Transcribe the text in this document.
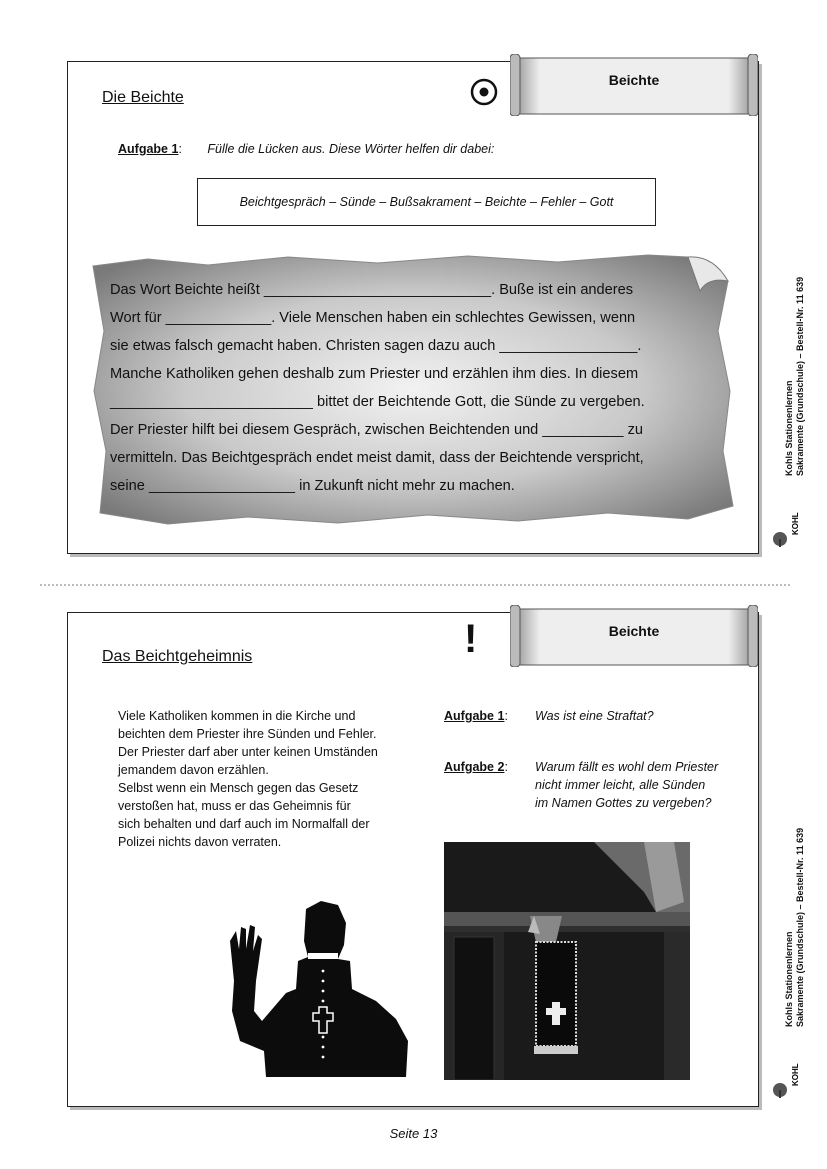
Die Beichte
Aufgabe 1: Fülle die Lücken aus. Diese Wörter helfen dir dabei:
Beichtgespräch – Sünde – Bußsakrament – Beichte – Fehler – Gott

Das Wort Beichte heißt ____________________________. Buße ist ein anderes

Wort für _____________. Viele Menschen haben ein schlechtes Gewissen, wenn

sie etwas falsch gemacht haben. Christen sagen dazu auch _________________.

Manche Katholiken gehen deshalb zum Priester und erzählen ihm dies. In diesem

_________________________ bittet der Beichtende Gott, die Sünde zu vergeben.

Der Priester hilft bei diesem Gespräch, zwischen Beichtenden und __________ zu

vermitteln. Das Beichtgespräch endet meist damit, dass der Beichtende verspricht,

seine __________________ in Zukunft nicht mehr zu machen.

Beichte
Kohls Stationenlernen Sakramente (Grundschule) – Bestell-Nr. 11 639
KOHL
Das Beichtgeheimnis	!

Viele Katholiken kommen in die Kirche und

beichten dem Priester ihre Sünden und Fehler.

Der Priester darf aber unter keinen Umständen

jemandem davon erzählen.

Selbst wenn ein Mensch gegen das Gesetz

verstoßen hat, muss er das Geheimnis für

sich behalten und darf auch im Normalfall der

Polizei nichts davon verraten.

Aufgabe 1: Was ist eine Straftat?

Aufgabe 2: Warum fällt es wohl dem Priester

nicht immer leicht, alle Sünden

im Namen Gottes zu vergeben?

Beichte
Kohls Stationenlernen Sakramente (Grundschule) – Bestell-Nr. 11 639
KOHL
Seite 13
